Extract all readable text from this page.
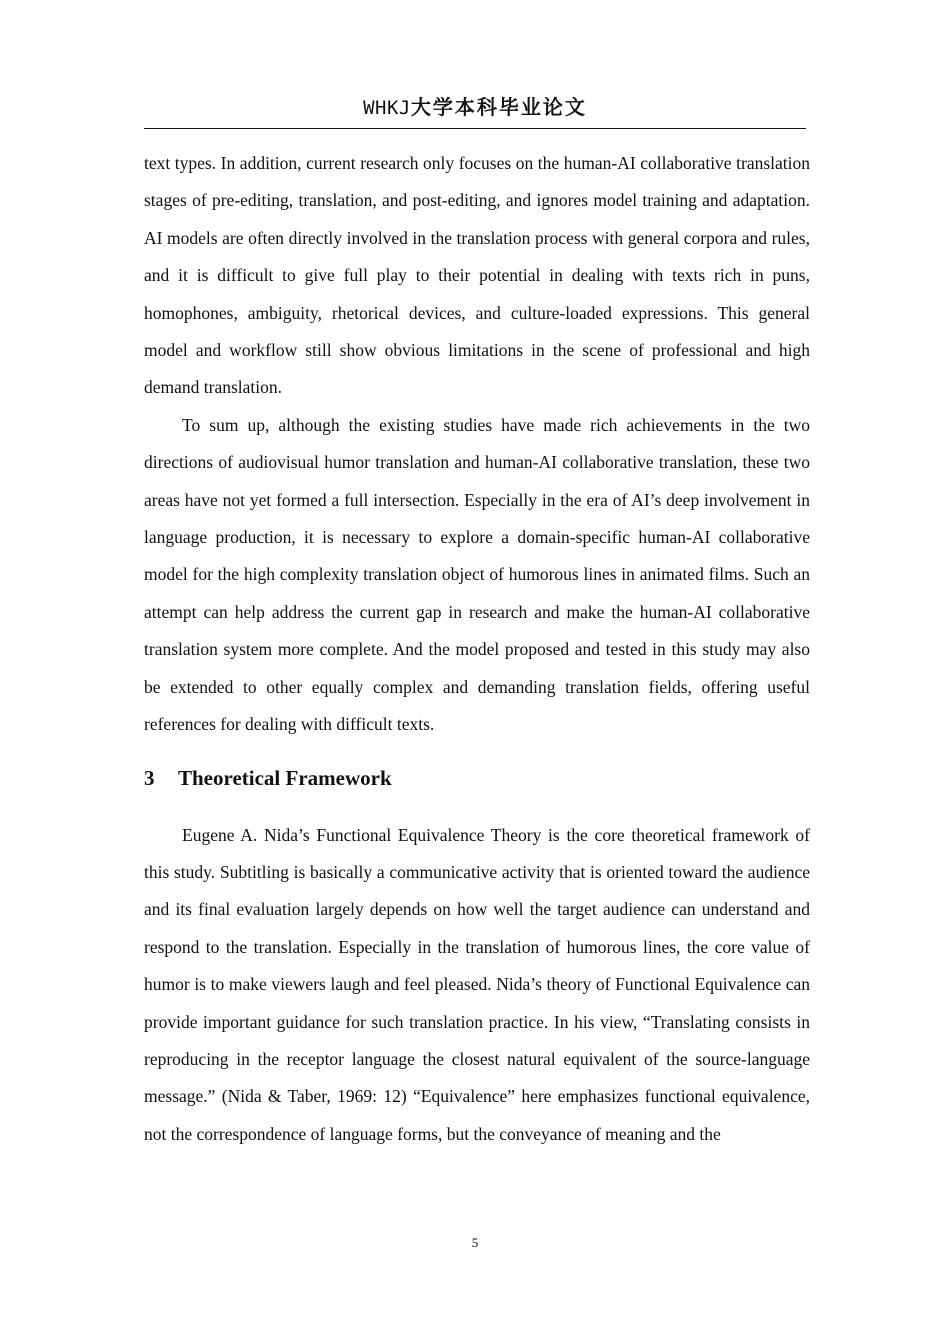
WHKJ大学本科毕业论文

text types. In addition, current research only focuses on the human-AI collaborative translation stages of pre-editing, translation, and post-editing, and ignores model training and adaptation. AI models are often directly involved in the translation process with general corpora and rules, and it is difficult to give full play to their potential in dealing with texts rich in puns, homophones, ambiguity, rhetorical devices, and culture-loaded expressions. This general model and workflow still show obvious limitations in the scene of professional and high demand translation.

To sum up, although the existing studies have made rich achievements in the two directions of audiovisual humor translation and human-AI collaborative translation, these two areas have not yet formed a full intersection. Especially in the era of AI’s deep involvement in language production, it is necessary to explore a domain-specific human-AI collaborative model for the high complexity translation object of humorous lines in animated films. Such an attempt can help address the current gap in research and make the human-AI collaborative translation system more complete. And the model proposed and tested in this study may also be extended to other equally complex and demanding translation fields, offering useful references for dealing with difficult texts.

3 Theoretical Framework

Eugene A. Nida’s Functional Equivalence Theory is the core theoretical framework of this study. Subtitling is basically a communicative activity that is oriented toward the audience and its final evaluation largely depends on how well the target audience can understand and respond to the translation. Especially in the translation of humorous lines, the core value of humor is to make viewers laugh and feel pleased. Nida’s theory of Functional Equivalence can provide important guidance for such translation practice. In his view, “Translating consists in reproducing in the receptor language the closest natural equivalent of the source-language message.” (Nida & Taber, 1969: 12) “Equivalence” here emphasizes functional equivalence, not the correspondence of language forms, but the conveyance of meaning and the

5
